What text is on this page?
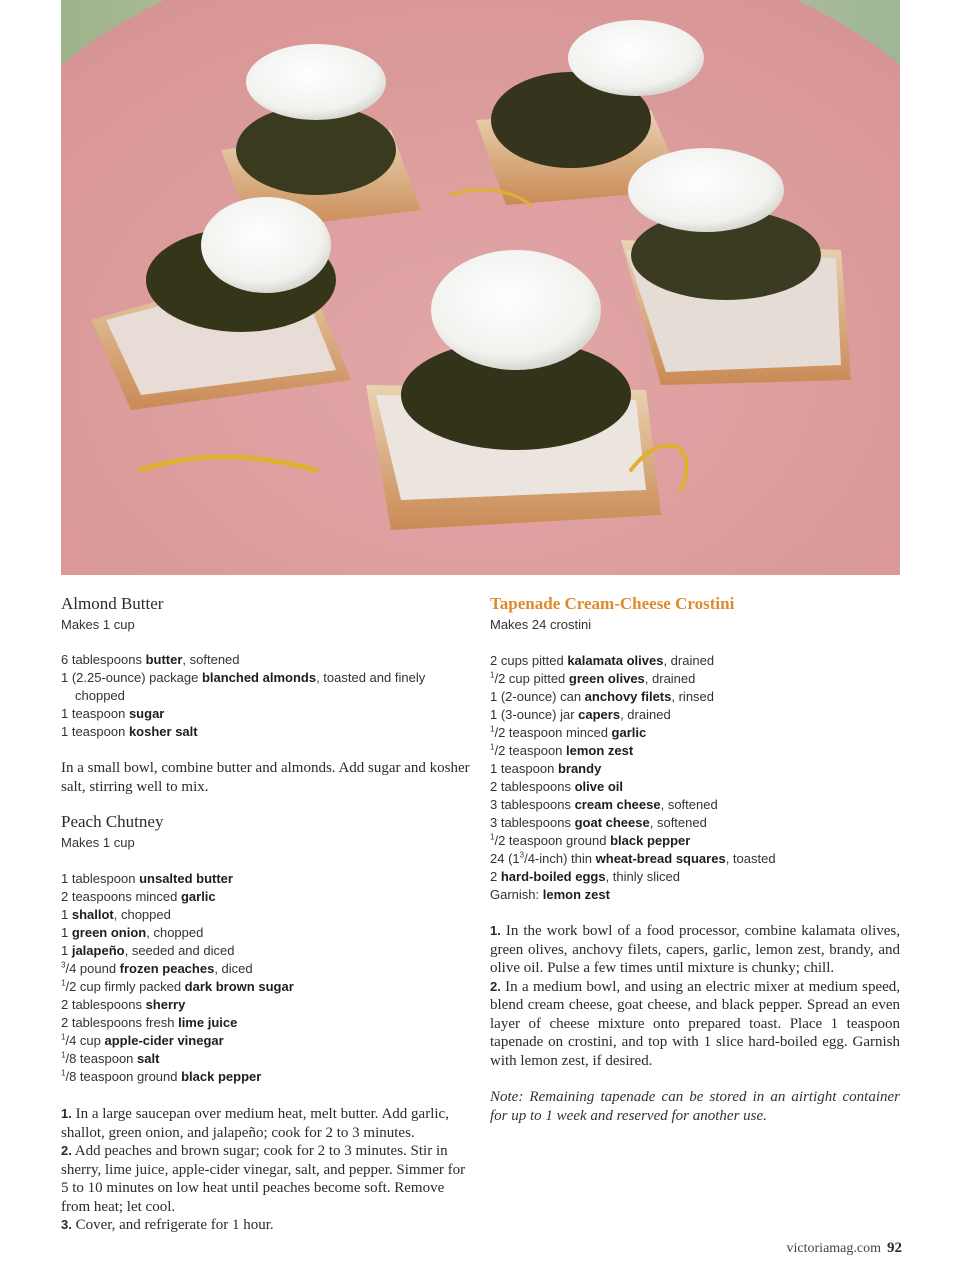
Almond Butter

Makes 1 cup

6 tablespoons butter, softened
1 (2.25-ounce) package blanched almonds, toasted and finely chopped
1 teaspoon sugar
1 teaspoon kosher salt

In a small bowl, combine butter and almonds. Add sugar and kosher salt, stirring well to mix.

Peach Chutney

Makes 1 cup

1 tablespoon unsalted butter
2 teaspoons minced garlic
1 shallot, chopped
1 green onion, chopped
1 jalapeño, seeded and diced
$^3$/4 pound frozen peaches, diced
$^1$/2 cup firmly packed dark brown sugar
2 tablespoons sherry
2 tablespoons fresh lime juice
$^1$/4 cup apple-cider vinegar
$^1$/8 teaspoon salt
$^1$/8 teaspoon ground black pepper

1. In a large saucepan over medium heat, melt butter. Add garlic, shallot, green onion, and jalapeño; cook for 2 to 3 minutes.

2. Add peaches and brown sugar; cook for 2 to 3 minutes. Stir in sherry, lime juice, apple-cider vinegar, salt, and pepper. Simmer for 5 to 10 minutes on low heat until peaches become soft. Remove from heat; let cool.

3. Cover, and refrigerate for 1 hour.

Tapenade Cream-Cheese Crostini

Makes 24 crostini

2 cups pitted kalamata olives, drained
$^1$/2 cup pitted green olives, drained
1 (2-ounce) can anchovy filets, rinsed
1 (3-ounce) jar capers, drained
$^1$/2 teaspoon minced garlic
$^1$/2 teaspoon lemon zest
1 teaspoon brandy
2 tablespoons olive oil
3 tablespoons cream cheese, softened
3 tablespoons goat cheese, softened
$^1$/2 teaspoon ground black pepper
24 $(1^3/4-inch)$ thin wheat-bread squares, toasted
2 hard-boiled eggs, thinly sliced
Garnish: lemon zest

1. In the work bowl of a food processor, combine kalamata olives, green olives, anchovy filets, capers, garlic, lemon zest, brandy, and olive oil. Pulse a few times until mixture is chunky; chill.

2. In a medium bowl, and using an electric mixer at medium speed, blend cream cheese, goat cheese, and black pepper. Spread an even layer of cheese mixture onto prepared toast. Place 1 teaspoon tapenade on crostini, and top with 1 slice hard-boiled egg. Garnish with lemon zest, if desired.

Note: Remaining tapenade can be stored in an airtight container for up to 1 week and reserved for another use.

victoriamag.com 92
